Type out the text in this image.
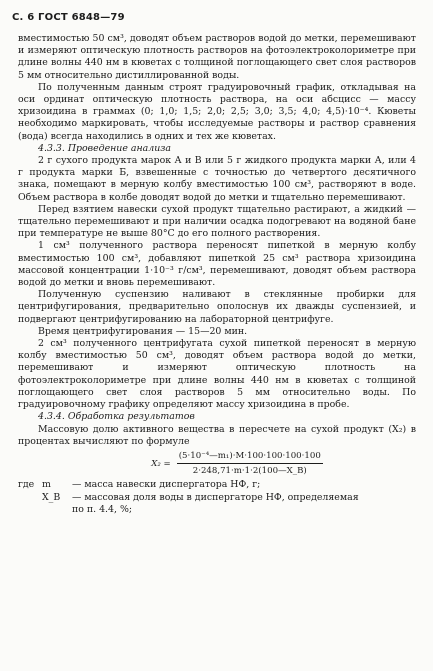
С. 6 ГОСТ 6848—79

вместимостью 50 см³, доводят объем растворов водой до метки, перемешивают и измеряют оптическую плотность растворов на фотоэлектроколориметре при длине волны 440 нм в кюветах с толщиной поглощающего свет слоя растворов 5 мм относительно дистиллированной воды.

По полученным данным строят градуировочный график, откладывая на оси ординат оптическую плотность раствора, на оси абсцисс — массу хризоидина в граммах (0; 1,0; 1,5; 2,0; 2,5; 3,0; 3,5; 4,0; 4,5)·10⁻⁴. Кюветы необходимо маркировать, чтобы исследуемые растворы и раствор сравнения (вода) всегда находились в одних и тех же кюветах.

4.3.3. Проведение анализа

2 г сухого продукта марок А и В или 5 г жидкого продукта марки А, или 4 г продукта марки Б, взвешенные с точностью до четвертого десятичного знака, помещают в мерную колбу вместимостью 100 см³, растворяют в воде. Объем раствора в колбе доводят водой до метки и тщательно перемешивают.

Перед взятием навески сухой продукт тщательно растирают, а жидкий — тщательно перемешивают и при наличии осадка подогревают на водяной бане при температуре не выше 80°С до его полного растворения.

1 см³ полученного раствора переносят пипеткой в мерную колбу вместимостью 100 см³, добавляют пипеткой 25 см³ раствора хризоидина массовой концентрации 1·10⁻³ г/см³, перемешивают, доводят объем раствора водой до метки и вновь перемешивают.

Полученную суспензию наливают в стеклянные пробирки для центрифугирования, предварительно ополоснув их дважды суспензией, и подвергают центрифугированию на лабораторной центрифуге.

Время центрифугирования — 15—20 мин.

2 см³ полученного центрифугата сухой пипеткой переносят в мерную колбу вместимостью 50 см³, доводят объем раствора водой до метки, перемешивают и измеряют оптическую плотность на фотоэлектроколориметре при длине волны 440 нм в кюветах с толщиной поглощающего свет слоя растворов 5 мм относительно воды. По градуировочному графику определяют массу хризоидина в пробе.

4.3.4. Обработка результатов

Массовую долю активного вещества в пересчете на сухой продукт (X₂) в процентах вычисляют по формуле

$X_2 = \frac{\text{(5·10⁻⁴—m₁)·M·100·100·100·100}}{2\cdot 248,71\cdot m\cdot 1\cdot 2(100—X\_B)}$
где m	— масса навески диспергатора НФ, г;
X_B	— массовая доля воды в диспергаторе НФ, определяемая
по п. 4.4, %;
